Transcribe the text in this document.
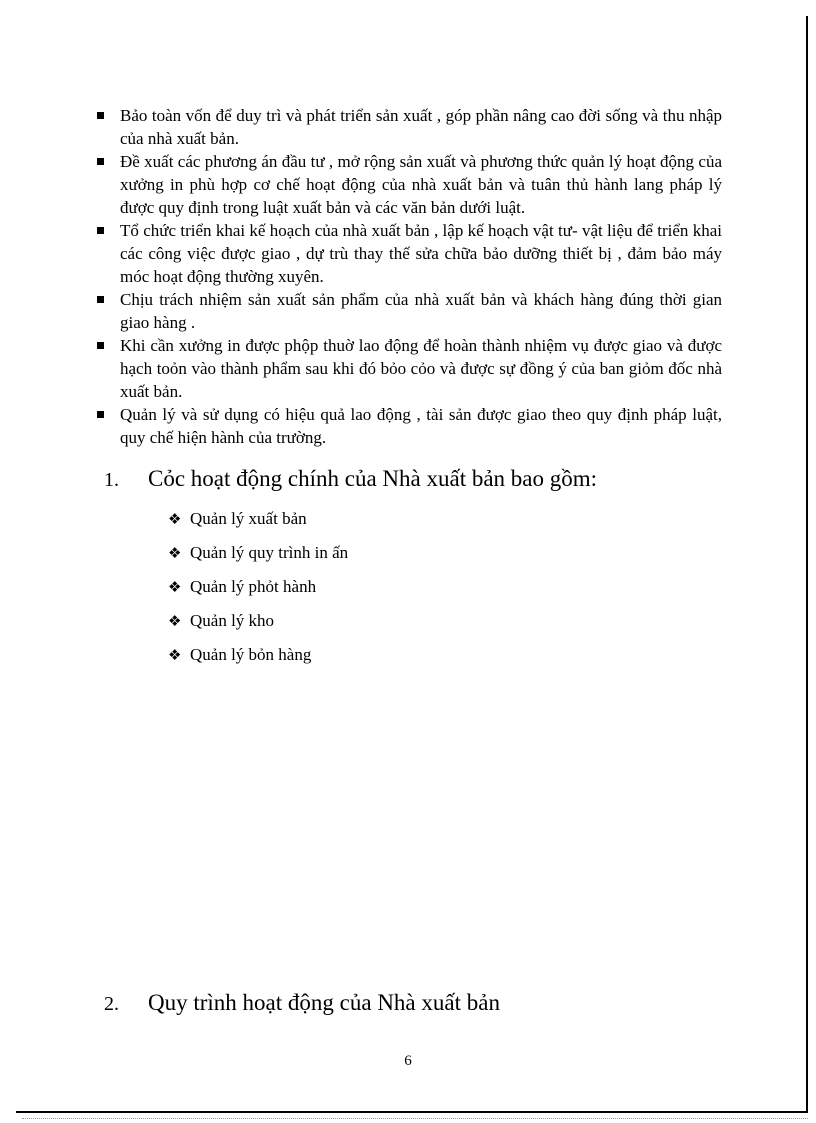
Bảo toàn vốn để duy trì và phát triển sản xuất , góp phần nâng cao đời sống và thu nhập của nhà xuất bản.
Đề xuất các phương án đầu tư , mở rộng sản xuất và phương thức quản lý hoạt động của xưởng in phù hợp cơ chế hoạt động của nhà xuất bản và tuân thủ hành lang pháp lý được quy định trong luật xuất bản và các văn bản dưới luật.
Tổ chức triển khai kế hoạch của nhà xuất bản , lập kế hoạch vật tư- vật liệu để triển khai các công việc được giao , dự trù thay thế sửa chữa bảo dưỡng thiết bị , đảm bảo máy móc hoạt động thường xuyên.
Chịu trách nhiệm sản xuất sản phẩm của nhà xuất bản và khách hàng đúng thời gian giao hàng .
Khi cần xưởng in được phộp thuờ lao động để hoàn thành nhiệm vụ được giao và được hạch toỏn vào thành phẩm sau khi đó bỏo cỏo và được sự đồng ý của ban giỏm đốc nhà xuất bản.
Quản lý và sử dụng có hiệu quả lao động , tài sản được giao theo quy định pháp luật, quy chế hiện hành của trường.
1. Cỏc hoạt động chính của Nhà xuất bản bao gồm:
❖ Quản lý xuất bản
❖ Quản lý quy trình in ấn
❖ Quản lý phỏt hành
❖ Quản lý kho
❖ Quản lý bỏn hàng
2. Quy trình hoạt động của Nhà xuất bản
6
